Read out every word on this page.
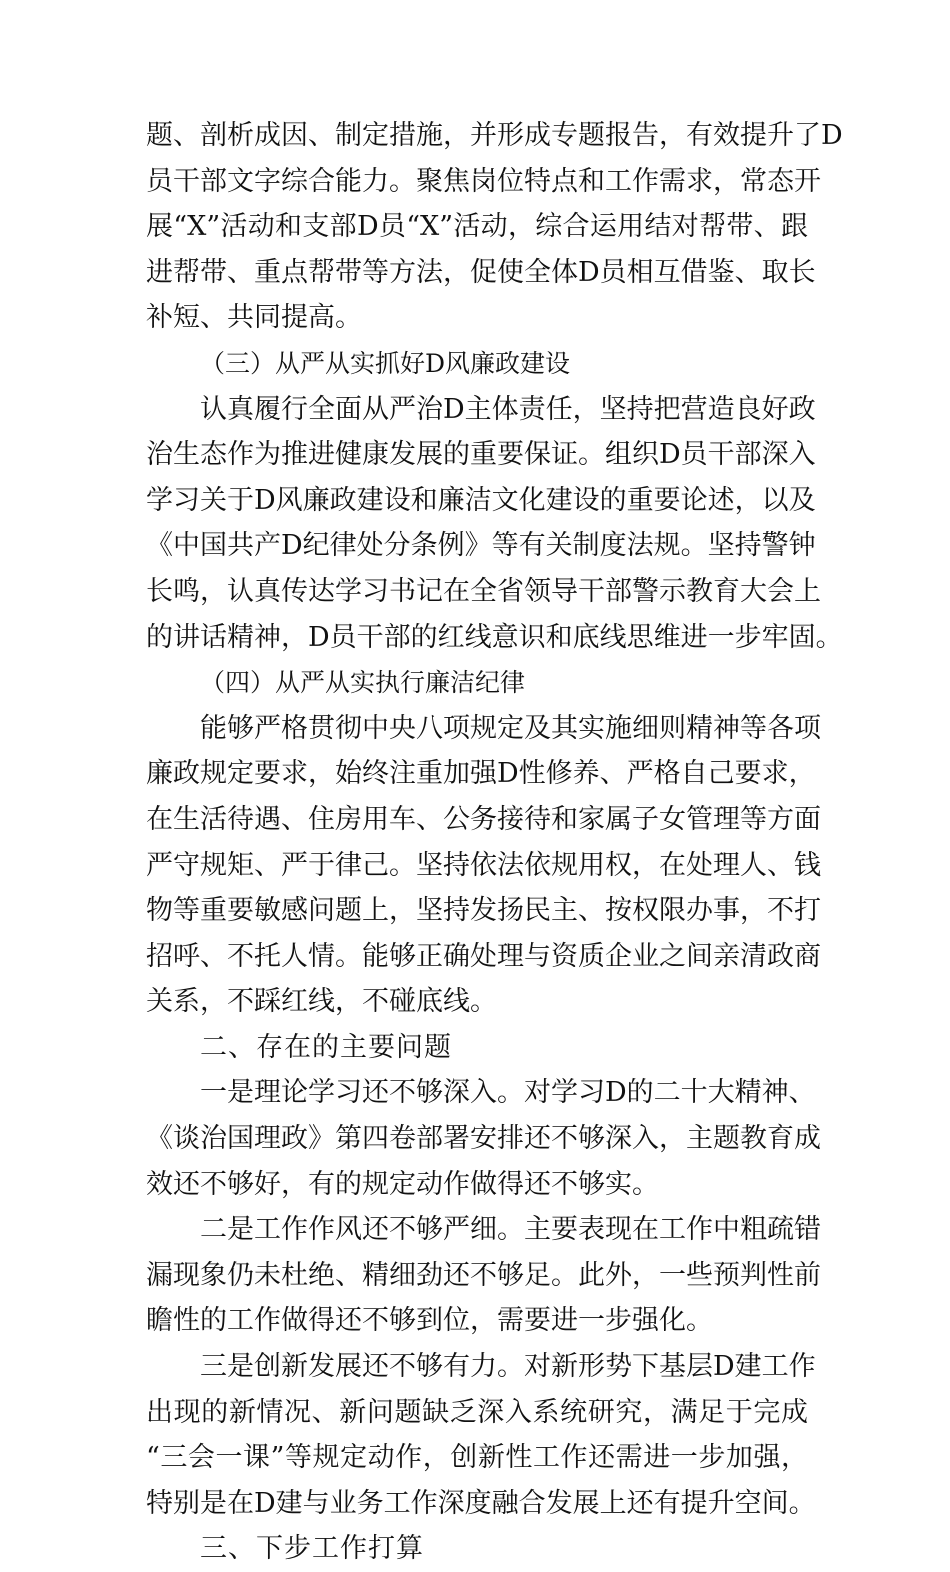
题、剖析成因、制定措施，并形成专题报告，有效提升了D
员干部文字综合能力。聚焦岗位特点和工作需求，常态开
展“X”活动和支部D员“X”活动，综合运用结对帮带、跟
进帮带、重点帮带等方法，促使全体D员相互借鉴、取长
补短、共同提高。
（三）从严从实抓好D风廉政建设
认真履行全面从严治D主体责任，坚持把营造良好政
治生态作为推进健康发展的重要保证。组织D员干部深入
学习关于D风廉政建设和廉洁文化建设的重要论述，以及
《中国共产D纪律处分条例》等有关制度法规。坚持警钟
长鸣，认真传达学习书记在全省领导干部警示教育大会上
的讲话精神，D员干部的红线意识和底线思维进一步牢固。
（四）从严从实执行廉洁纪律
能够严格贯彻中央八项规定及其实施细则精神等各项
廉政规定要求，始终注重加强D性修养、严格自己要求，
在生活待遇、住房用车、公务接待和家属子女管理等方面
严守规矩、严于律己。坚持依法依规用权，在处理人、钱
物等重要敏感问题上，坚持发扬民主、按权限办事，不打
招呼、不托人情。能够正确处理与资质企业之间亲清政商
关系，不踩红线，不碰底线。
二、存在的主要问题
一是理论学习还不够深入。对学习D的二十大精神、
《谈治国理政》第四卷部署安排还不够深入，主题教育成
效还不够好，有的规定动作做得还不够实。
二是工作作风还不够严细。主要表现在工作中粗疏错
漏现象仍未杜绝、精细劲还不够足。此外，一些预判性前
瞻性的工作做得还不够到位，需要进一步强化。
三是创新发展还不够有力。对新形势下基层D建工作
出现的新情况、新问题缺乏深入系统研究，满足于完成
“三会一课”等规定动作，创新性工作还需进一步加强，
特别是在D建与业务工作深度融合发展上还有提升空间。
三、下步工作打算
